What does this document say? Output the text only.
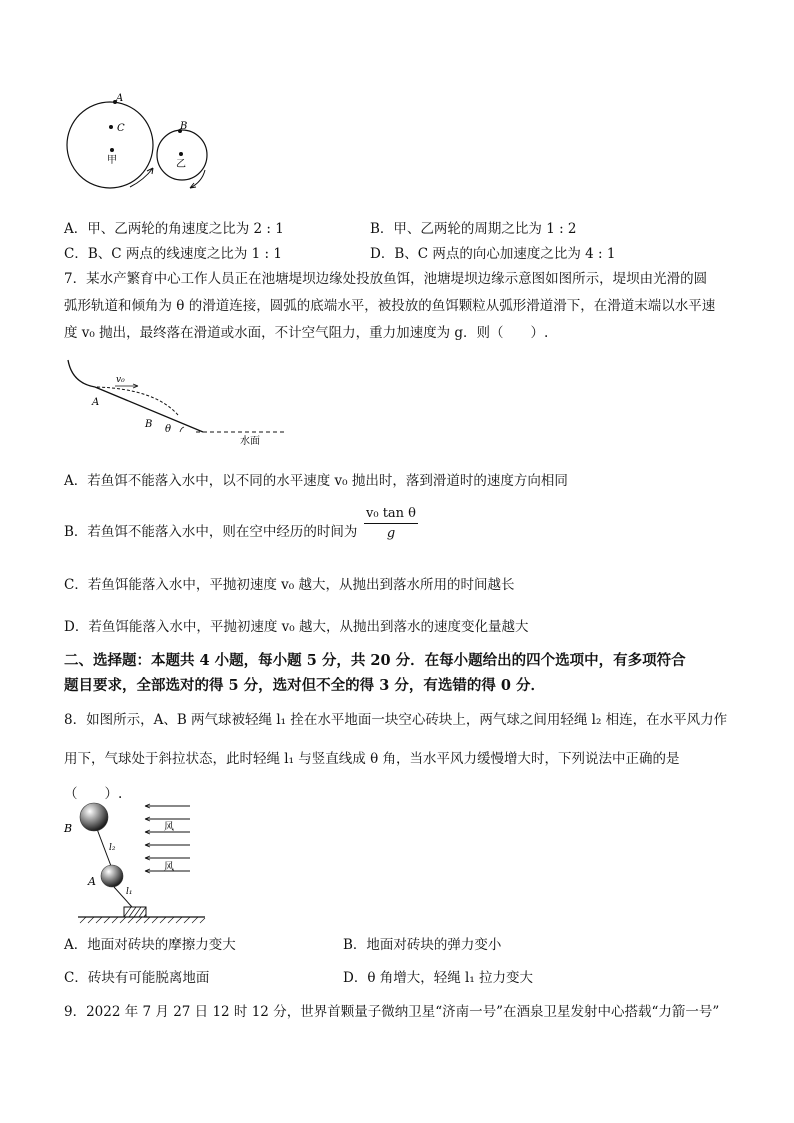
A
C
甲
B
乙
A．甲、乙两轮的角速度之比为 2 : 1	B．甲、乙两轮的周期之比为 1 : 2
C．B、C 两点的线速度之比为 1 : 1	D．B、C 两点的向心加速度之比为 4 : 1
7．某水产繁育中心工作人员正在池塘堤坝边缘处投放鱼饵，池塘堤坝边缘示意图如图所示，堤坝由光滑的圆
弧形轨道和倾角为 θ 的滑道连接，圆弧的底端水平，被投放的鱼饵颗粒从弧形滑道滑下，在滑道末端以水平速
度 v₀ 抛出，最终落在滑道或水面，不计空气阻力，重力加速度为 g．则（　　）.
v₀
A
B θ
水面
A．若鱼饵不能落入水中，以不同的水平速度 v₀ 抛出时，落到滑道时的速度方向相同
B．若鱼饵不能落入水中，则在空中经历的时间为 $\frac{\text{v₀ tan θ}}{g}$
C．若鱼饵能落入水中，平抛初速度 v₀ 越大，从抛出到落水所用的时间越长
D．若鱼饵能落入水中，平抛初速度 v₀ 越大，从抛出到落水的速度变化量越大
二、选择题：本题共 4 小题，每小题 5 分，共 20 分．在每小题给出的四个选项中，有多项符合
题目要求，全部选对的得 5 分，选对但不全的得 3 分，有选错的得 0 分．
8．如图所示，A、B 两气球被轻绳 l₁ 拴在水平地面一块空心砖块上，两气球之间用轻绳 l₂ 相连，在水平风力作
用下，气球处于斜拉状态，此时轻绳 l₁ 与竖直线成 θ 角，当水平风力缓慢增大时，下列说法中正确的是
（　　）.
风
风
B
l₂
A
l₁
A．地面对砖块的摩擦力变大	B．地面对砖块的弹力变小
C．砖块有可能脱离地面	D．θ 角增大，轻绳 l₁ 拉力变大
9．2022 年 7 月 27 日 12 时 12 分，世界首颗量子微纳卫星“济南一号”在酒泉卫星发射中心搭载“力箭一号”
